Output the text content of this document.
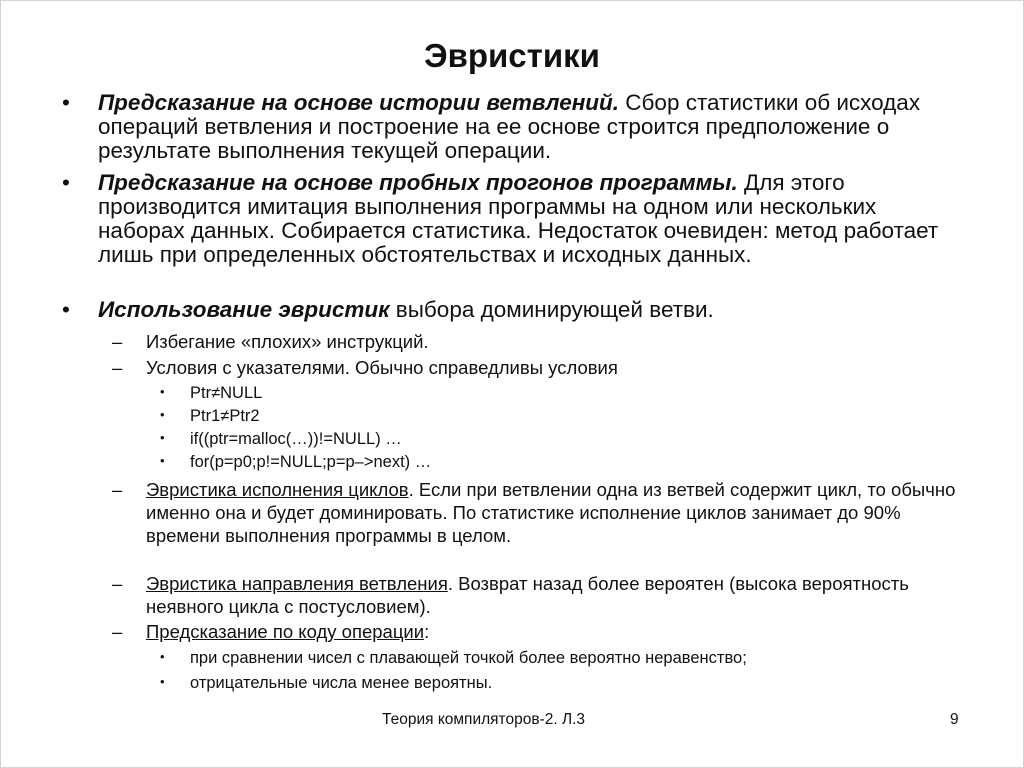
Эвристики
•	Предсказание на основе истории ветвлений. Сбор статистики об исходах операций ветвления и построение на ее основе строится предположение о результате выполнения текущей операции.
•	Предсказание на основе пробных прогонов программы. Для этого производится имитация выполнения программы на одном или нескольких наборах данных. Собирается статистика. Недостаток очевиден: метод работает лишь при определенных обстоятельствах и исходных данных.
•	Использование эвристик выбора доминирующей ветви.
– Избегание «плохих» инструкций.
– Условия с указателями. Обычно справедливы условия
• Ptr≠NULL
• Ptr1≠Ptr2
• if((ptr=malloc(…))!=NULL) …
• for(p=p0;p!=NULL;p=p–>next) …
– Эвристика исполнения циклов. Если при ветвлении одна из ветвей содержит цикл, то обычно именно она и будет доминировать. По статистике исполнение циклов занимает до 90% времени выполнения программы в целом.
– Эвристика направления ветвления. Возврат назад более вероятен (высока вероятность неявного цикла с постусловием).
– Предсказание по коду операции:
• при сравнении чисел с плавающей точкой более вероятно неравенство;
• отрицательные числа менее вероятны.
Теория компиляторов-2. Л.3	9
